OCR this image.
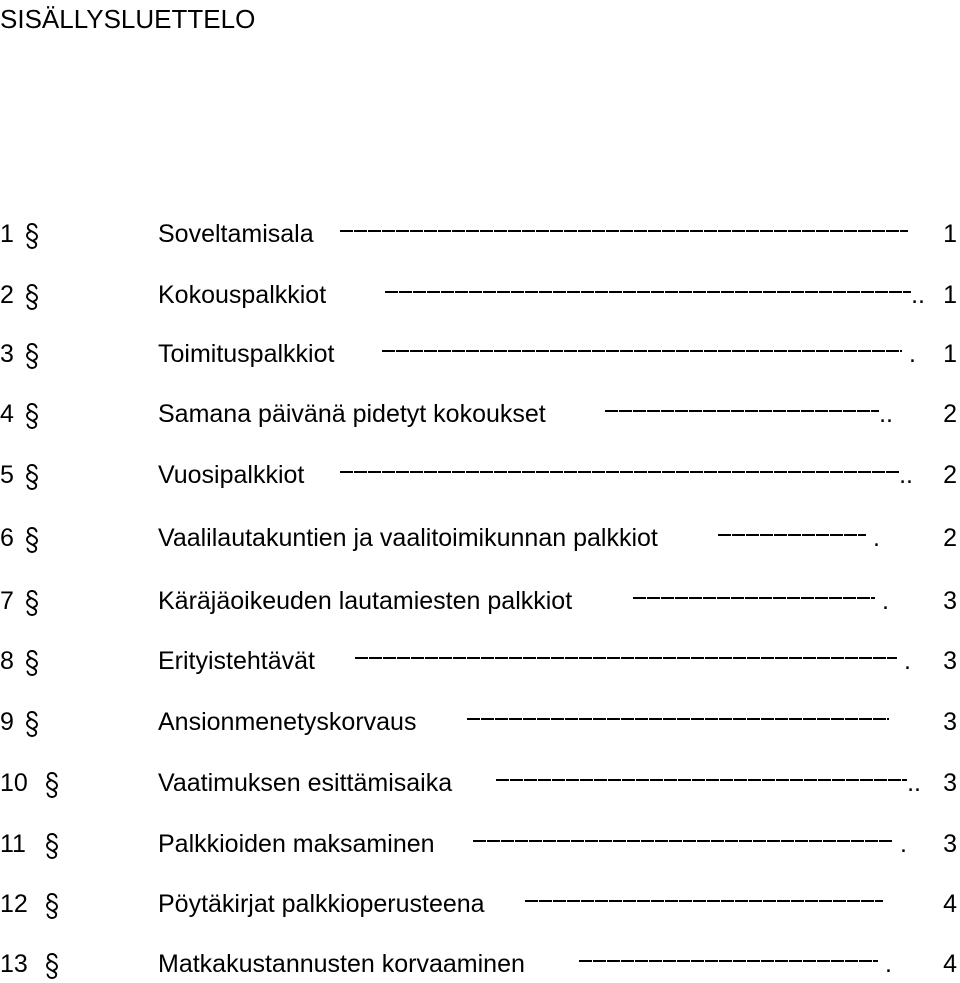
SISÄLLYSLUETTELO
1	Soveltamisala	1
2	Kokouspalkkiot	.. 1
3	Toimituspalkkiot	. 1
4	Samana päivänä pidetyt kokoukset	.. 2
5	Vuosipalkkiot	.. 2
6	Vaalilautakuntien ja vaalitoimikunnan palkkiot	.	2
7	Käräjäoikeuden lautamiesten palkkiot	. 3
8	Erityistehtävät	. 3
9	Ansionmenetyskorvaus	3
10	Vaatimuksen esittämisaika	.. 3
11	Palkkioiden maksaminen	. 3
12	Pöytäkirjat palkkioperusteena	4
13	Matkakustannusten korvaaminen	. 4
